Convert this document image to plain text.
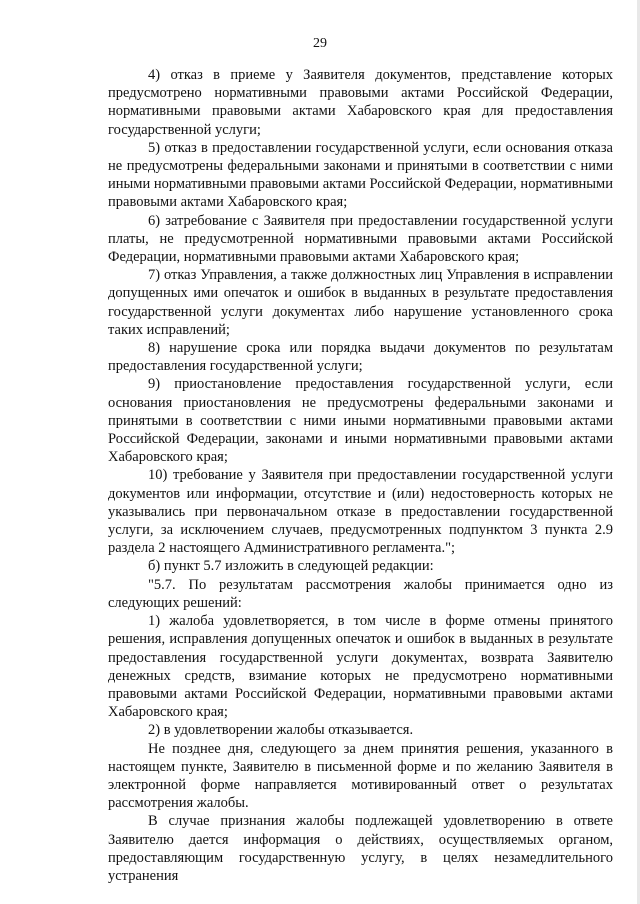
29

4) отказ в приеме у Заявителя документов, представление которых предусмотрено нормативными правовыми актами Российской Федерации, нормативными правовыми актами Хабаровского края для предоставления государственной услуги;

5) отказ в предоставлении государственной услуги, если основания отказа не предусмотрены федеральными законами и принятыми в соответствии с ними иными нормативными правовыми актами Российской Федерации, нормативными правовыми актами Хабаровского края;

6) затребование с Заявителя при предоставлении государственной услуги платы, не предусмотренной нормативными правовыми актами Российской Федерации, нормативными правовыми актами Хабаровского края;

7) отказ Управления, а также должностных лиц Управления в исправлении допущенных ими опечаток и ошибок в выданных в результате предоставления государственной услуги документах либо нарушение установленного срока таких исправлений;

8) нарушение срока или порядка выдачи документов по результатам предоставления государственной услуги;

9) приостановление предоставления государственной услуги, если основания приостановления не предусмотрены федеральными законами и принятыми в соответствии с ними иными нормативными правовыми актами Российской Федерации, законами и иными нормативными правовыми актами Хабаровского края;

10) требование у Заявителя при предоставлении государственной услуги документов или информации, отсутствие и (или) недостоверность которых не указывались при первоначальном отказе в предоставлении государственной услуги, за исключением случаев, предусмотренных подпунктом 3 пункта 2.9 раздела 2 настоящего Административного регламента.";

б) пункт 5.7 изложить в следующей редакции:

"5.7. По результатам рассмотрения жалобы принимается одно из следующих решений:

1) жалоба удовлетворяется, в том числе в форме отмены принятого решения, исправления допущенных опечаток и ошибок в выданных в результате предоставления государственной услуги документах, возврата Заявителю денежных средств, взимание которых не предусмотрено нормативными правовыми актами Российской Федерации, нормативными правовыми актами Хабаровского края;

2) в удовлетворении жалобы отказывается.

Не позднее дня, следующего за днем принятия решения, указанного в настоящем пункте, Заявителю в письменной форме и по желанию Заявителя в электронной форме направляется мотивированный ответ о результатах рассмотрения жалобы.

В случае признания жалобы подлежащей удовлетворению в ответе Заявителю дается информация о действиях, осуществляемых органом, предоставляющим государственную услугу, в целях незамедлительного устранения
